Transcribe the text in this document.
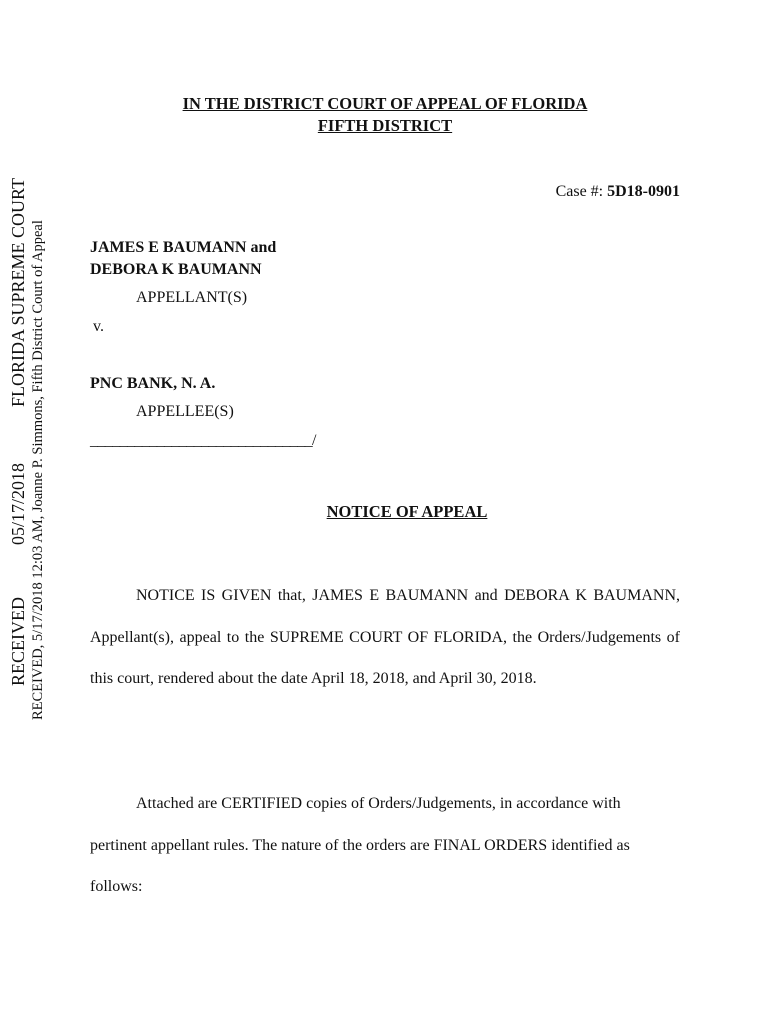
RECEIVED05/17/2018FLORIDA SUPREME COURT RECEIVED, 5/17/2018 12:03 AM, Joanne P. Simmons, Fifth District Court of Appeal
IN THE DISTRICT COURT OF APPEAL OF FLORIDA
FIFTH DISTRICT
Case #: 5D18-0901
JAMES E BAUMANN and
DEBORA K BAUMANN
APPELLANT(S)
v.
PNC BANK, N. A.
APPELLEE(S)
______________________________/
NOTICE OF APPEAL
NOTICE IS GIVEN that, JAMES E BAUMANN and DEBORA K BAUMANN, Appellant(s), appeal to the SUPREME COURT OF FLORIDA, the Orders/Judgements of this court, rendered about the date April 18, 2018, and April 30, 2018.
Attached are CERTIFIED copies of Orders/Judgements, in accordance with pertinent appellant rules. The nature of the orders are FINAL ORDERS identified as follows:
